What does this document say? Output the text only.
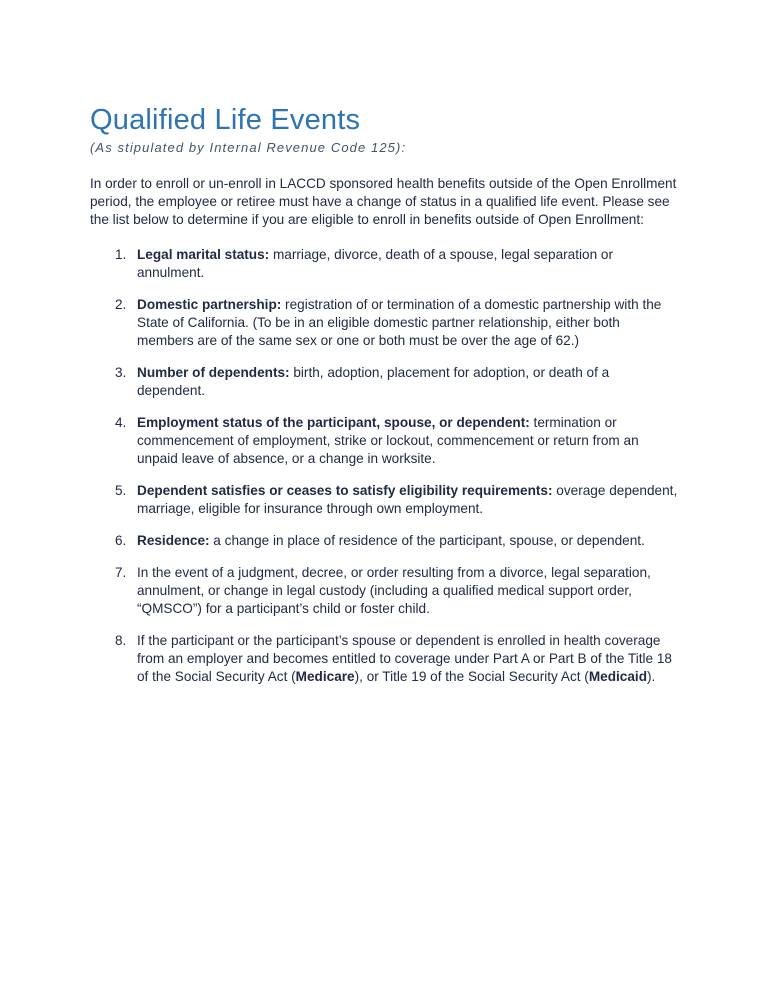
Qualified Life Events

(As stipulated by Internal Revenue Code 125):

In order to enroll or un-enroll in LACCD sponsored health benefits outside of the Open Enrollment period, the employee or retiree must have a change of status in a qualified life event. Please see the list below to determine if you are eligible to enroll in benefits outside of Open Enrollment:

1. Legal marital status: marriage, divorce, death of a spouse, legal separation or annulment.
2. Domestic partnership: registration of or termination of a domestic partnership with the State of California. (To be in an eligible domestic partner relationship, either both members are of the same sex or one or both must be over the age of 62.)
3. Number of dependents: birth, adoption, placement for adoption, or death of a dependent.
4. Employment status of the participant, spouse, or dependent: termination or commencement of employment, strike or lockout, commencement or return from an unpaid leave of absence, or a change in worksite.
5. Dependent satisfies or ceases to satisfy eligibility requirements: overage dependent, marriage, eligible for insurance through own employment.
6. Residence: a change in place of residence of the participant, spouse, or dependent.
7. In the event of a judgment, decree, or order resulting from a divorce, legal separation, annulment, or change in legal custody (including a qualified medical support order, “QMSCO”) for a participant’s child or foster child.
8. If the participant or the participant’s spouse or dependent is enrolled in health coverage from an employer and becomes entitled to coverage under Part A or Part B of the Title 18 of the Social Security Act (Medicare), or Title 19 of the Social Security Act (Medicaid).
